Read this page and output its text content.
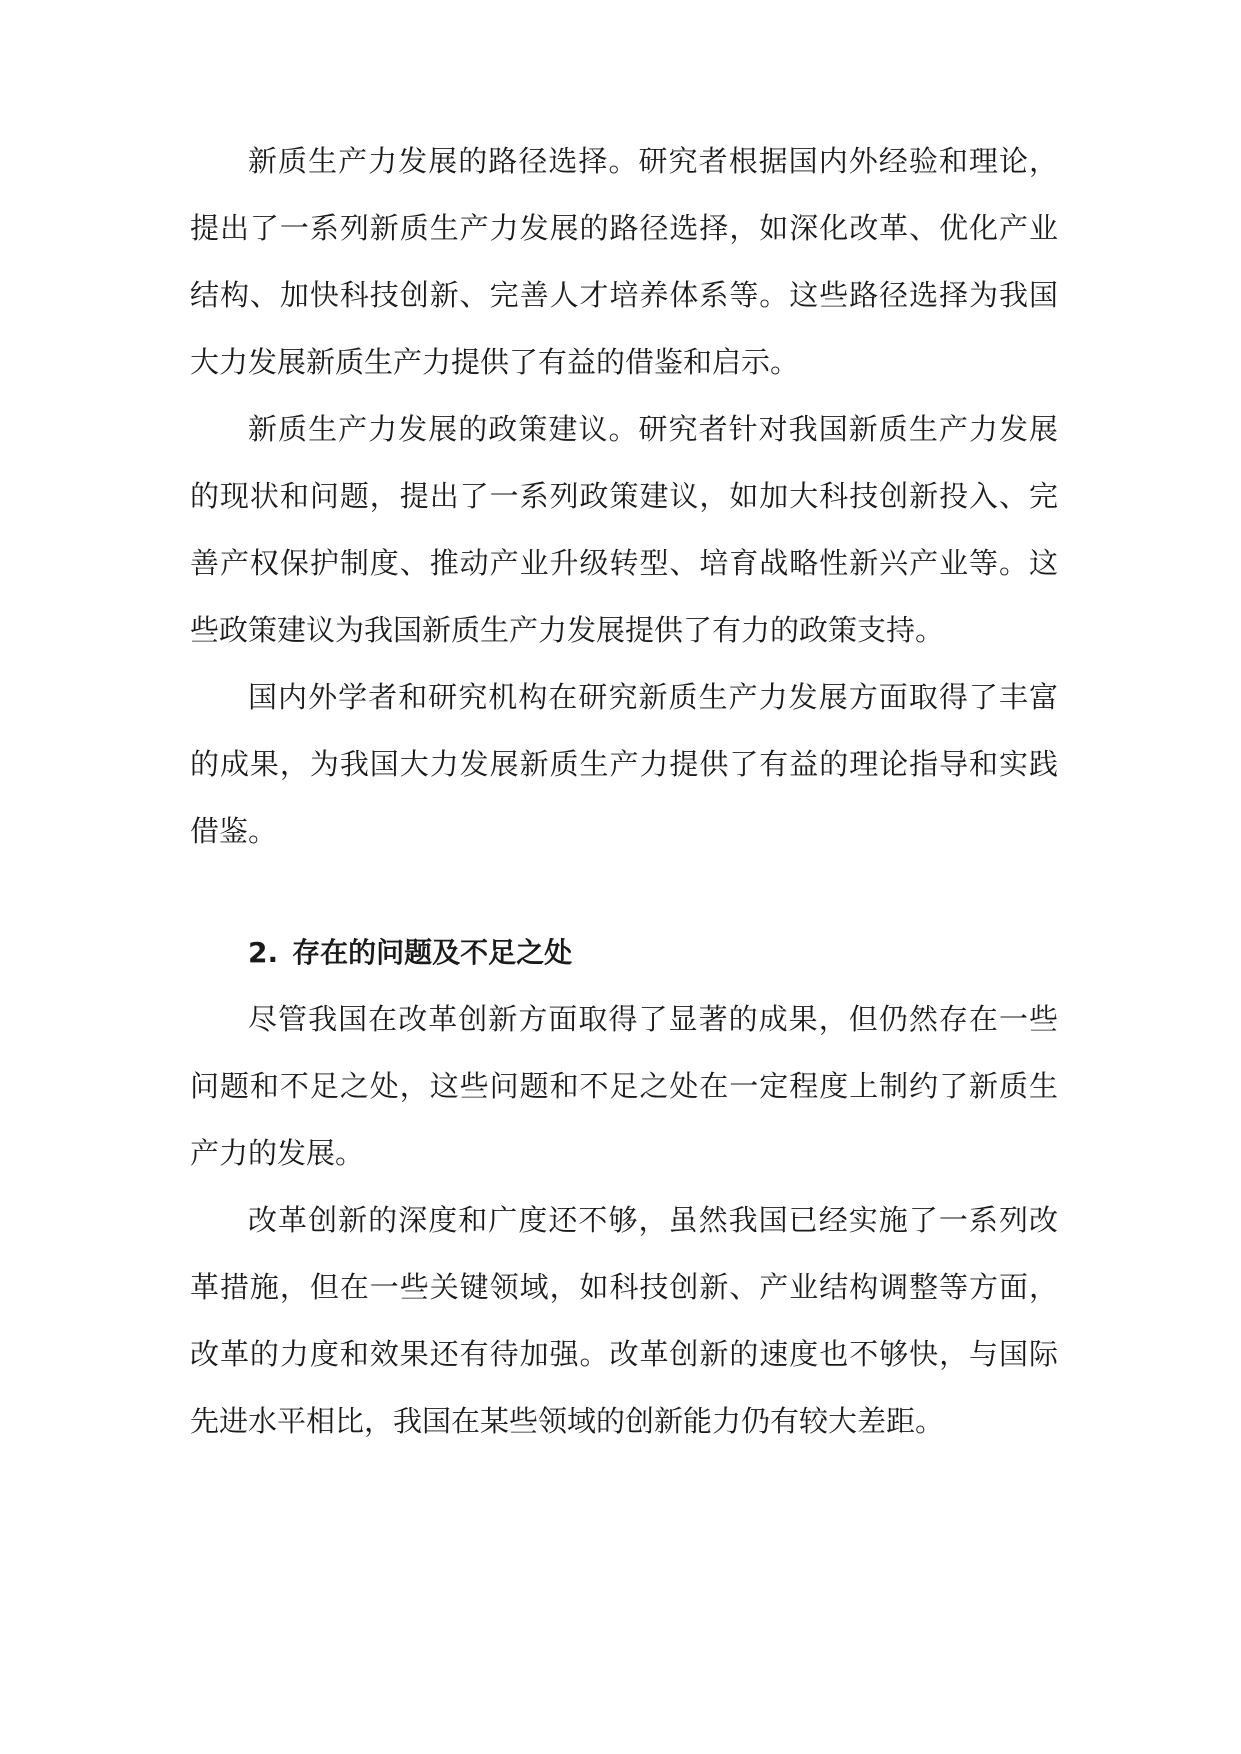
新质生产力发展的路径选择。研究者根据国内外经验和理论，提出了一系列新质生产力发展的路径选择，如深化改革、优化产业结构、加快科技创新、完善人才培养体系等。这些路径选择为我国大力发展新质生产力提供了有益的借鉴和启示。

新质生产力发展的政策建议。研究者针对我国新质生产力发展的现状和问题，提出了一系列政策建议，如加大科技创新投入、完善产权保护制度、推动产业升级转型、培育战略性新兴产业等。这些政策建议为我国新质生产力发展提供了有力的政策支持。

国内外学者和研究机构在研究新质生产力发展方面取得了丰富的成果，为我国大力发展新质生产力提供了有益的理论指导和实践借鉴。

2. 存在的问题及不足之处

尽管我国在改革创新方面取得了显著的成果，但仍然存在一些问题和不足之处，这些问题和不足之处在一定程度上制约了新质生产力的发展。

改革创新的深度和广度还不够，虽然我国已经实施了一系列改革措施，但在一些关键领域，如科技创新、产业结构调整等方面，改革的力度和效果还有待加强。改革创新的速度也不够快，与国际先进水平相比，我国在某些领域的创新能力仍有较大差距。
